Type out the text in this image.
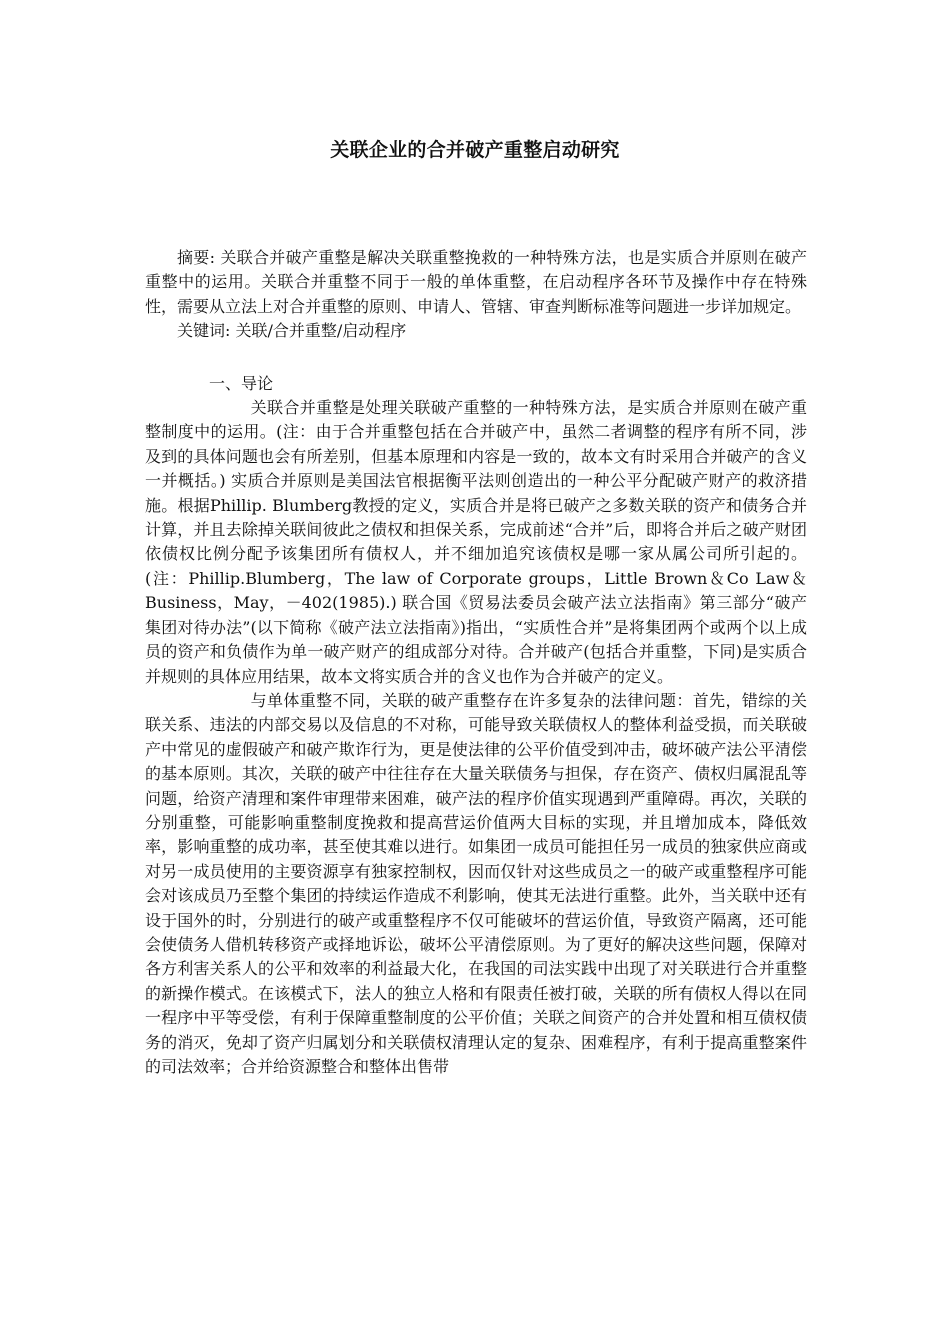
关联企业的合并破产重整启动研究

摘要: 关联合并破产重整是解决关联重整挽救的一种特殊方法，也是实质合并原则在破产重整中的运用。关联合并重整不同于一般的单体重整，在启动程序各环节及操作中存在特殊性，需要从立法上对合并重整的原则、申请人、管辖、审查判断标准等问题进一步详加规定。

关键词: 关联/合并重整/启动程序

一、导论

关联合并重整是处理关联破产重整的一种特殊方法，是实质合并原则在破产重整制度中的运用。(注：由于合并重整包括在合并破产中，虽然二者调整的程序有所不同，涉及到的具体问题也会有所差别，但基本原理和内容是一致的，故本文有时采用合并破产的含义一并概括。) 实质合并原则是美国法官根据衡平法则创造出的一种公平分配破产财产的救济措施。根据Phillip. Blumberg教授的定义，实质合并是将已破产之多数关联的资产和债务合并计算，并且去除掉关联间彼此之债权和担保关系，完成前述“合并”后，即将合并后之破产财团依债权比例分配予该集团所有债权人，并不细加追究该债权是哪一家从属公司所引起的。(注：Phillip.Blumberg，The law of Corporate groups，Little Brown＆Co Law＆Business，May，－402(1985).) 联合国《贸易法委员会破产法立法指南》第三部分“破产集团对待办法”(以下简称《破产法立法指南》)指出，“实质性合并”是将集团两个或两个以上成员的资产和负债作为单一破产财产的组成部分对待。合并破产(包括合并重整，下同)是实质合并规则的具体应用结果，故本文将实质合并的含义也作为合并破产的定义。

与单体重整不同，关联的破产重整存在许多复杂的法律问题：首先，错综的关联关系、违法的内部交易以及信息的不对称，可能导致关联债权人的整体利益受损，而关联破产中常见的虚假破产和破产欺诈行为，更是使法律的公平价值受到冲击，破坏破产法公平清偿的基本原则。其次，关联的破产中往往存在大量关联债务与担保，存在资产、债权归属混乱等问题，给资产清理和案件审理带来困难，破产法的程序价值实现遇到严重障碍。再次，关联的分别重整，可能影响重整制度挽救和提高营运价值两大目标的实现，并且增加成本，降低效率，影响重整的成功率，甚至使其难以进行。如集团一成员可能担任另一成员的独家供应商或对另一成员使用的主要资源享有独家控制权，因而仅针对这些成员之一的破产或重整程序可能会对该成员乃至整个集团的持续运作造成不利影响，使其无法进行重整。此外，当关联中还有设于国外的时，分别进行的破产或重整程序不仅可能破坏的营运价值，导致资产隔离，还可能会使债务人借机转移资产或择地诉讼，破坏公平清偿原则。为了更好的解决这些问题，保障对各方利害关系人的公平和效率的利益最大化，在我国的司法实践中出现了对关联进行合并重整的新操作模式。在该模式下，法人的独立人格和有限责任被打破，关联的所有债权人得以在同一程序中平等受偿，有利于保障重整制度的公平价值；关联之间资产的合并处置和相互债权债务的消灭，免却了资产归属划分和关联债权清理认定的复杂、困难程序，有利于提高重整案件的司法效率；合并给资源整合和整体出售带
